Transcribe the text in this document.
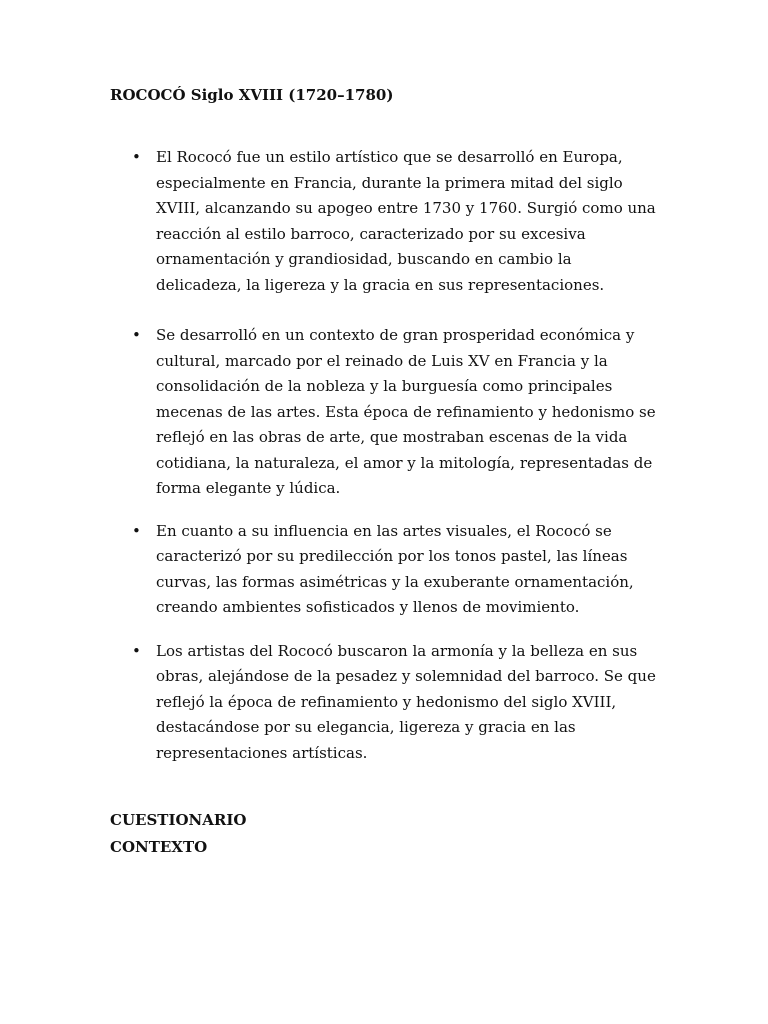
ROCOCÓ Siglo XVIII (1720–1780)
• El Rococó fue un estilo artístico que se desarrolló en Europa, especialmente en Francia, durante la primera mitad del siglo XVIII, alcanzando su apogeo entre 1730 y 1760. Surgió como una reacción al estilo barroco, caracterizado por su excesiva ornamentación y grandiosidad, buscando en cambio la delicadeza, la ligereza y la gracia en sus representaciones.
• Se desarrolló en un contexto de gran prosperidad económica y cultural, marcado por el reinado de Luis XV en Francia y la consolidación de la nobleza y la burguesía como principales mecenas de las artes. Esta época de refinamiento y hedonismo se reflejó en las obras de arte, que mostraban escenas de la vida cotidiana, la naturaleza, el amor y la mitología, representadas de forma elegante y lúdica.
• En cuanto a su influencia en las artes visuales, el Rococó se caracterizó por su predilección por los tonos pastel, las líneas curvas, las formas asimétricas y la exuberante ornamentación, creando ambientes sofisticados y llenos de movimiento.
• Los artistas del Rococó buscaron la armonía y la belleza en sus obras, alejándose de la pesadez y solemnidad del barroco. Se que reflejó la época de refinamiento y hedonismo del siglo XVIII, destacándose por su elegancia, ligereza y gracia en las representaciones artísticas.
CUESTIONARIO
CONTEXTO
